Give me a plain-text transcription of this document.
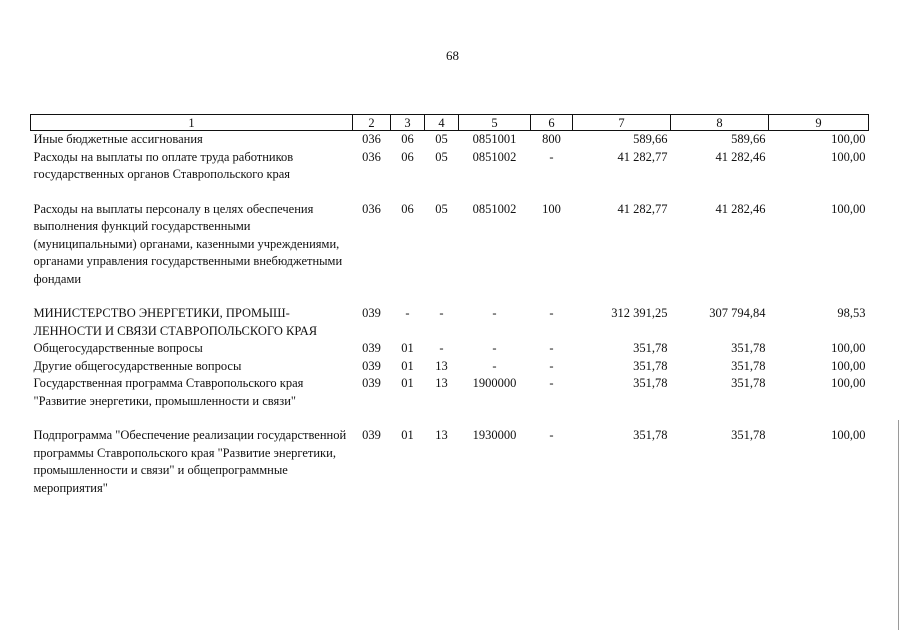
68
1	2	3	4	5	6	7	8	9
Иные бюджетные ассигнования	036	06	05	0851001	800	589,66	589,66	100,00
Расходы на выплаты по оплате труда работников государственных органов Ставропольского края	036	06	05	0851002	-	41 282,77	41 282,46	100,00
Расходы на выплаты персоналу в целях обеспечения выполнения функций государственными (муниципальными) органами, казенными учреждениями, органами управления государственными внебюджетными фондами	036	06	05	0851002	100	41 282,77	41 282,46	100,00
МИНИСТЕРСТВО ЭНЕРГЕТИКИ, ПРОМЫШ-ЛЕННОСТИ И СВЯЗИ СТАВРОПОЛЬСКОГО КРАЯ	039	-	-	-	-	312 391,25	307 794,84	98,53
Общегосударственные вопросы	039	01	-	-	-	351,78	351,78	100,00
Другие общегосударственные вопросы	039	01	13	-	-	351,78	351,78	100,00
Государственная программа Ставропольского края "Развитие энергетики, промышленности и связи"	039	01	13	1900000	-	351,78	351,78	100,00
Подпрограмма "Обеспечение реализации государственной программы Ставропольского края "Развитие энергетики, промышленности и связи" и общепрограммные мероприятия"	039	01	13	1930000	-	351,78	351,78	100,00
